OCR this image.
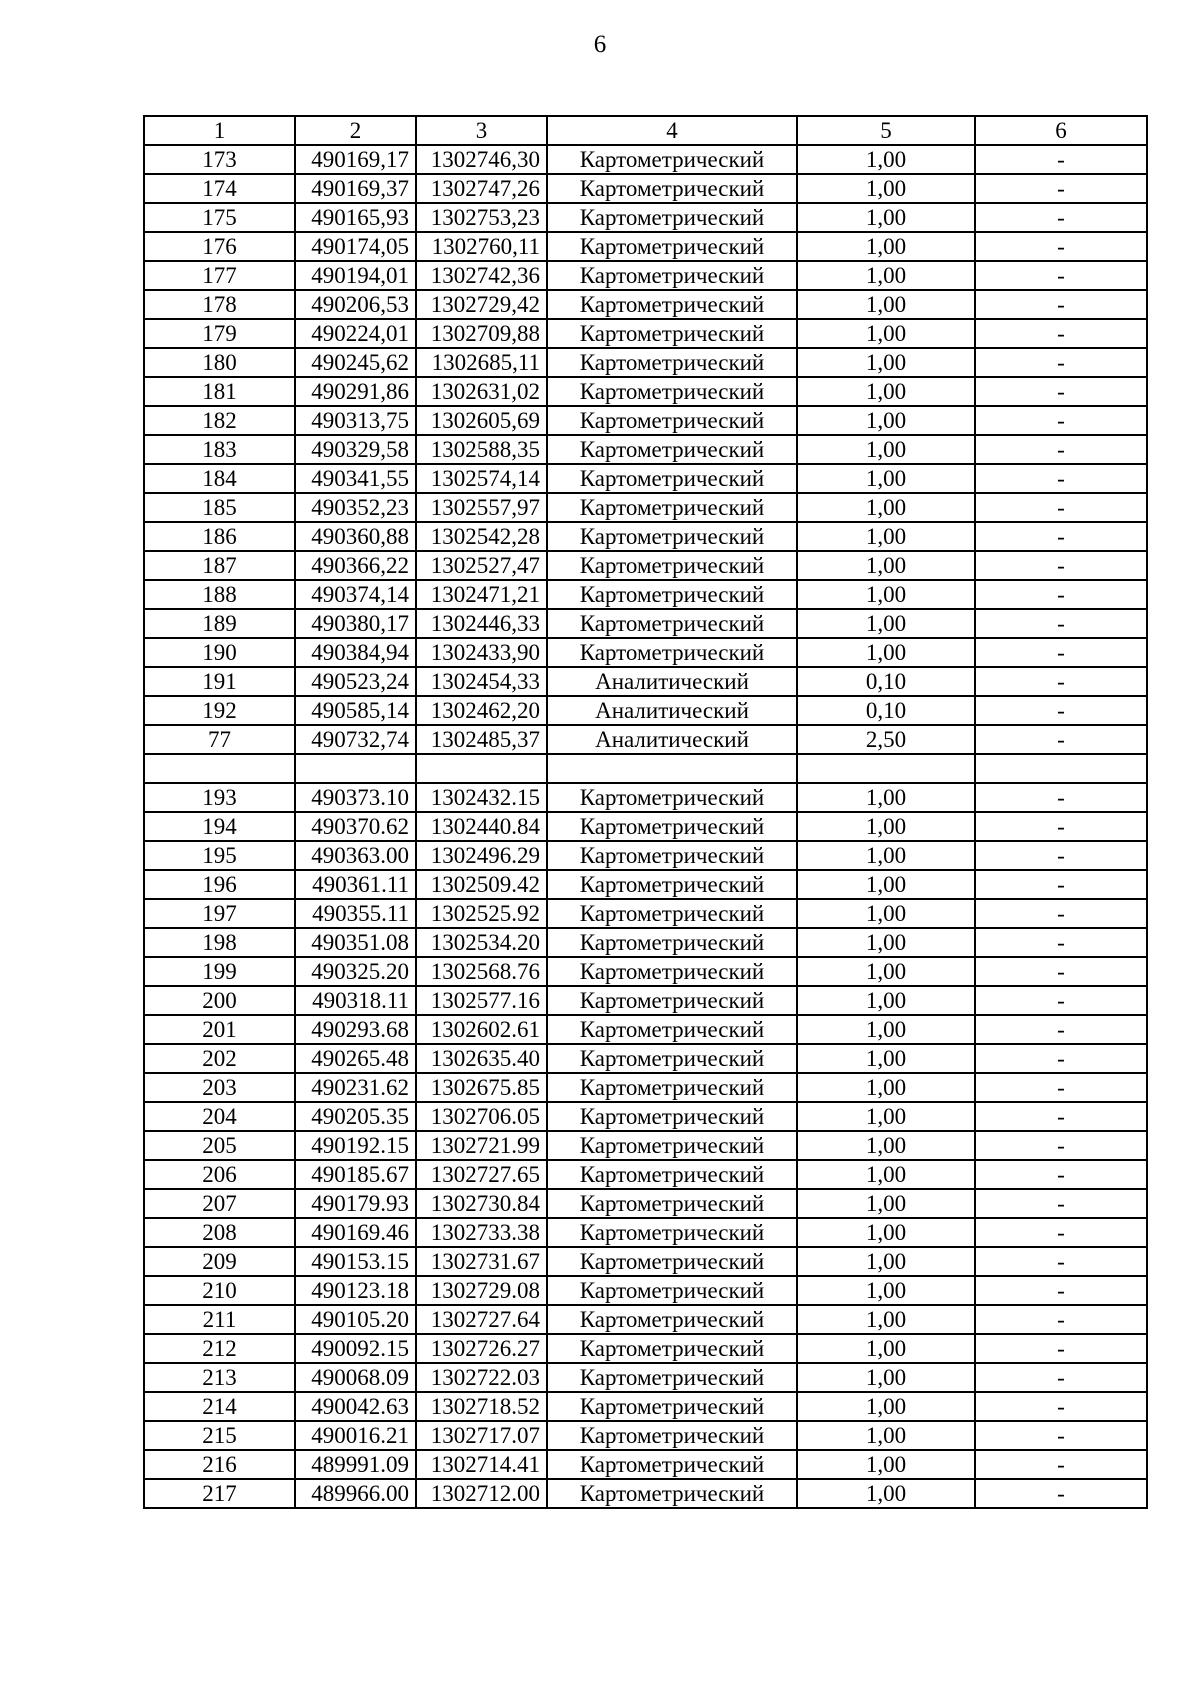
6
1	2	3	4	5	6
173	490169,17	1302746,30	Картометрический	1,00	-
174	490169,37	1302747,26	Картометрический	1,00	-
175	490165,93	1302753,23	Картометрический	1,00	-
176	490174,05	1302760,11	Картометрический	1,00	-
177	490194,01	1302742,36	Картометрический	1,00	-
178	490206,53	1302729,42	Картометрический	1,00	-
179	490224,01	1302709,88	Картометрический	1,00	-
180	490245,62	1302685,11	Картометрический	1,00	-
181	490291,86	1302631,02	Картометрический	1,00	-
182	490313,75	1302605,69	Картометрический	1,00	-
183	490329,58	1302588,35	Картометрический	1,00	-
184	490341,55	1302574,14	Картометрический	1,00	-
185	490352,23	1302557,97	Картометрический	1,00	-
186	490360,88	1302542,28	Картометрический	1,00	-
187	490366,22	1302527,47	Картометрический	1,00	-
188	490374,14	1302471,21	Картометрический	1,00	-
189	490380,17	1302446,33	Картометрический	1,00	-
190	490384,94	1302433,90	Картометрический	1,00	-
191	490523,24	1302454,33	Аналитический	0,10	-
192	490585,14	1302462,20	Аналитический	0,10	-
77	490732,74	1302485,37	Аналитический	2,50	-

193	490373.10	1302432.15	Картометрический	1,00	-
194	490370.62	1302440.84	Картометрический	1,00	-
195	490363.00	1302496.29	Картометрический	1,00	-
196	490361.11	1302509.42	Картометрический	1,00	-
197	490355.11	1302525.92	Картометрический	1,00	-
198	490351.08	1302534.20	Картометрический	1,00	-
199	490325.20	1302568.76	Картометрический	1,00	-
200	490318.11	1302577.16	Картометрический	1,00	-
201	490293.68	1302602.61	Картометрический	1,00	-
202	490265.48	1302635.40	Картометрический	1,00	-
203	490231.62	1302675.85	Картометрический	1,00	-
204	490205.35	1302706.05	Картометрический	1,00	-
205	490192.15	1302721.99	Картометрический	1,00	-
206	490185.67	1302727.65	Картометрический	1,00	-
207	490179.93	1302730.84	Картометрический	1,00	-
208	490169.46	1302733.38	Картометрический	1,00	-
209	490153.15	1302731.67	Картометрический	1,00	-
210	490123.18	1302729.08	Картометрический	1,00	-
211	490105.20	1302727.64	Картометрический	1,00	-
212	490092.15	1302726.27	Картометрический	1,00	-
213	490068.09	1302722.03	Картометрический	1,00	-
214	490042.63	1302718.52	Картометрический	1,00	-
215	490016.21	1302717.07	Картометрический	1,00	-
216	489991.09	1302714.41	Картометрический	1,00	-
217	489966.00	1302712.00	Картометрический	1,00	-
